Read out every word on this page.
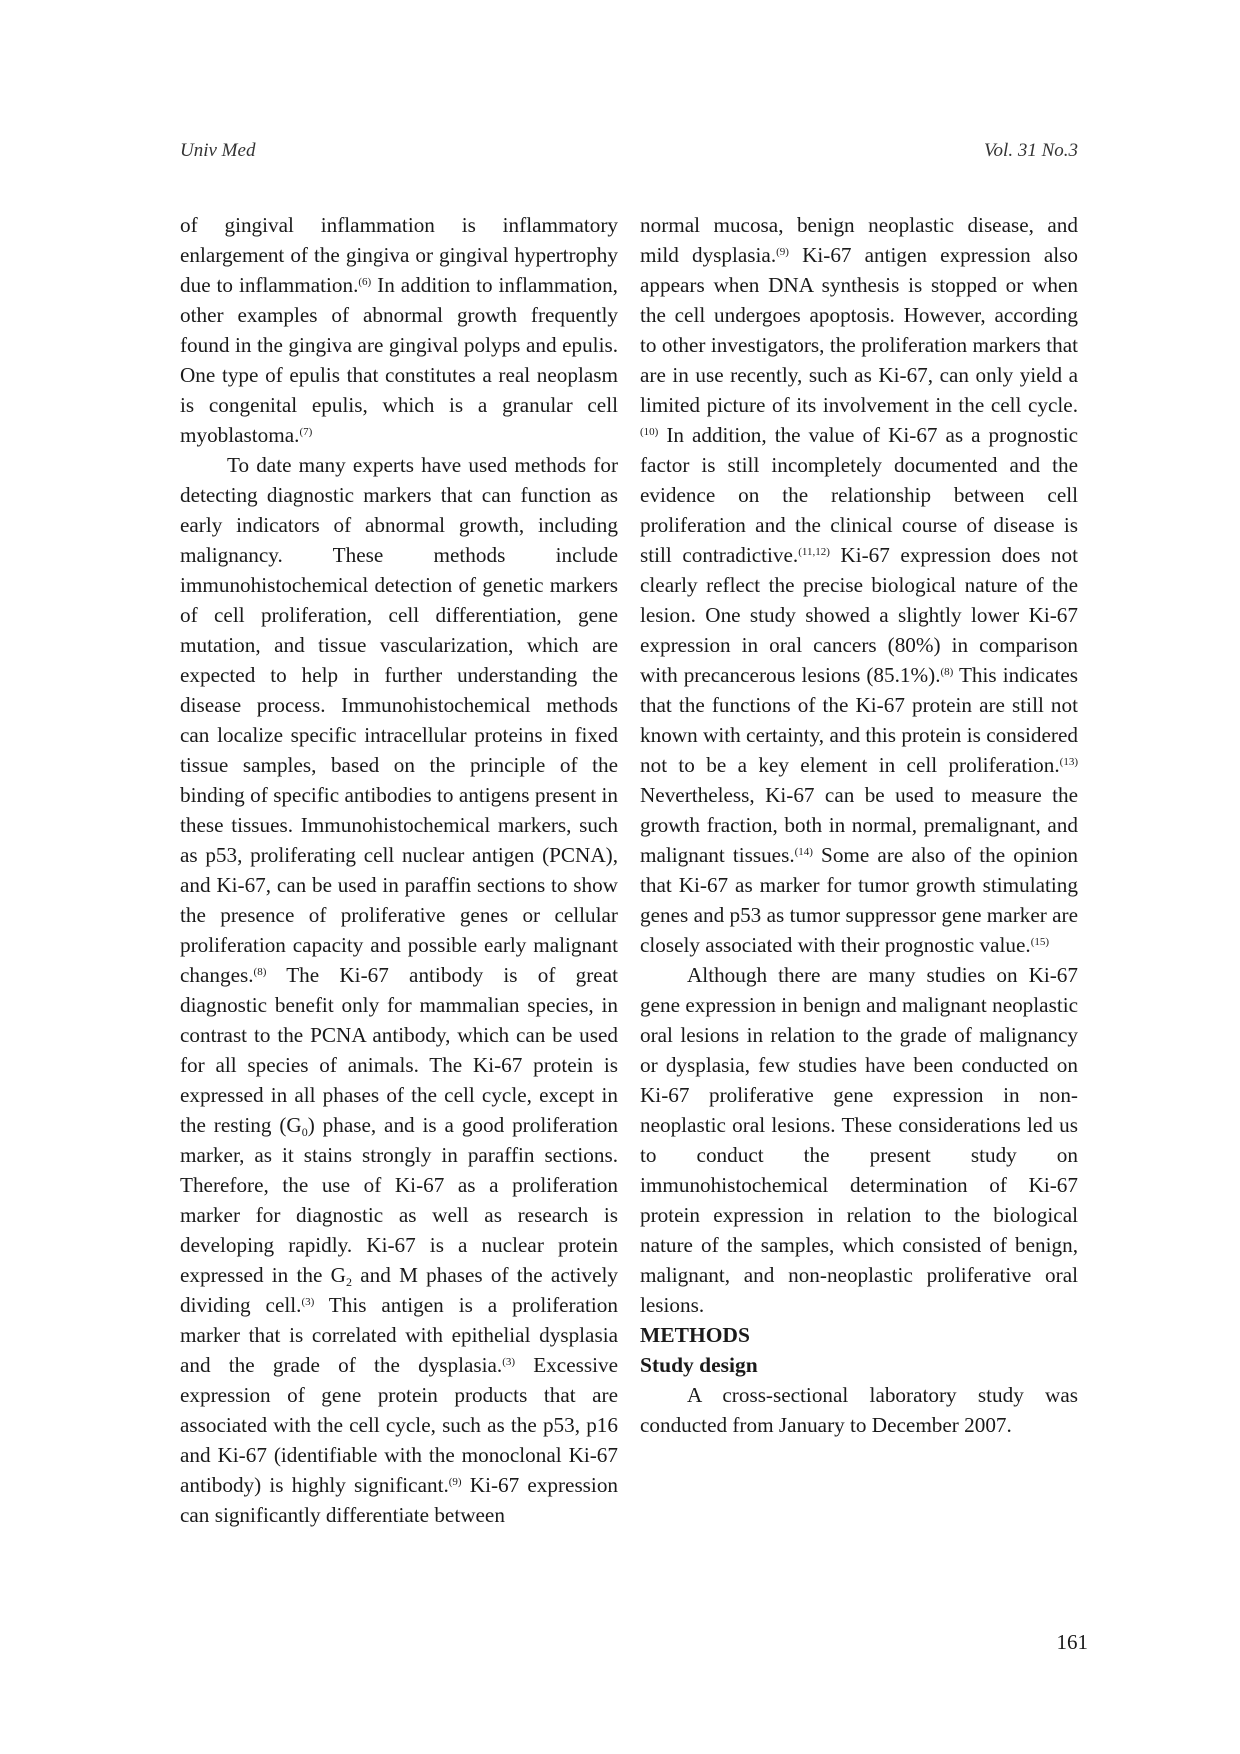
Univ Med	Vol. 31 No.3

of gingival inflammation is inflammatory enlargement of the gingiva or gingival hypertrophy due to inflammation.$^{(6)}$ In addition to inflammation, other examples of abnormal growth frequently found in the gingiva are gingival polyps and epulis. One type of epulis that constitutes a real neoplasm is congenital epulis, which is a granular cell myoblastoma.$^{(7)}$

To date many experts have used methods for detecting diagnostic markers that can function as early indicators of abnormal growth, including malignancy. These methods include immunohistochemical detection of genetic markers of cell proliferation, cell differentiation, gene mutation, and tissue vascularization, which are expected to help in further understanding the disease process. Immunohistochemical methods can localize specific intracellular proteins in fixed tissue samples, based on the principle of the binding of specific antibodies to antigens present in these tissues. Immunohistochemical markers, such as p53, proliferating cell nuclear antigen (PCNA), and Ki-67, can be used in paraffin sections to show the presence of proliferative genes or cellular proliferation capacity and possible early malignant changes.$^{(8)}$ The Ki-67 antibody is of great diagnostic benefit only for mammalian species, in contrast to the PCNA antibody, which can be used for all species of animals. The Ki-67 protein is expressed in all phases of the cell cycle, except in the resting $(G_0)$ phase, and is a good proliferation marker, as it stains strongly in paraffin sections. Therefore, the use of Ki-67 as a proliferation marker for diagnostic as well as research is developing rapidly. Ki-67 is a nuclear protein expressed in the $G_2$ and M phases of the actively dividing cell.$^{(3)}$ This antigen is a proliferation marker that is correlated with epithelial dysplasia and the grade of the dysplasia.$^{(3)}$ Excessive expression of gene protein products that are associated with the cell cycle, such as the p53, p16 and Ki-67 (identifiable with the monoclonal Ki-67 antibody) is highly significant.$^{(9)}$ Ki-67 expression can significantly differentiate between

normal mucosa, benign neoplastic disease, and mild dysplasia.$^{(9)}$ Ki-67 antigen expression also appears when DNA synthesis is stopped or when the cell undergoes apoptosis. However, according to other investigators, the proliferation markers that are in use recently, such as Ki-67, can only yield a limited picture of its involvement in the cell cycle.$^{(10)}$ In addition, the value of Ki-67 as a prognostic factor is still incompletely documented and the evidence on the relationship between cell proliferation and the clinical course of disease is still contradictive.$^{(11,12)}$ Ki-67 expression does not clearly reflect the precise biological nature of the lesion. One study showed a slightly lower Ki-67 expression in oral cancers (80%) in comparison with precancerous lesions (85.1%).$^{(8)}$ This indicates that the functions of the Ki-67 protein are still not known with certainty, and this protein is considered not to be a key element in cell proliferation.$^{(13)}$ Nevertheless, Ki-67 can be used to measure the growth fraction, both in normal, premalignant, and malignant tissues.$^{(14)}$ Some are also of the opinion that Ki-67 as marker for tumor growth stimulating genes and p53 as tumor suppressor gene marker are closely associated with their prognostic value.$^{(15)}$

Although there are many studies on Ki-67 gene expression in benign and malignant neoplastic oral lesions in relation to the grade of malignancy or dysplasia, few studies have been conducted on Ki-67 proliferative gene expression in non-neoplastic oral lesions. These considerations led us to conduct the present study on immunohistochemical determination of Ki-67 protein expression in relation to the biological nature of the samples, which consisted of benign, malignant, and non-neoplastic proliferative oral lesions.

METHODS

Study design

A cross-sectional laboratory study was conducted from January to December 2007.

161
